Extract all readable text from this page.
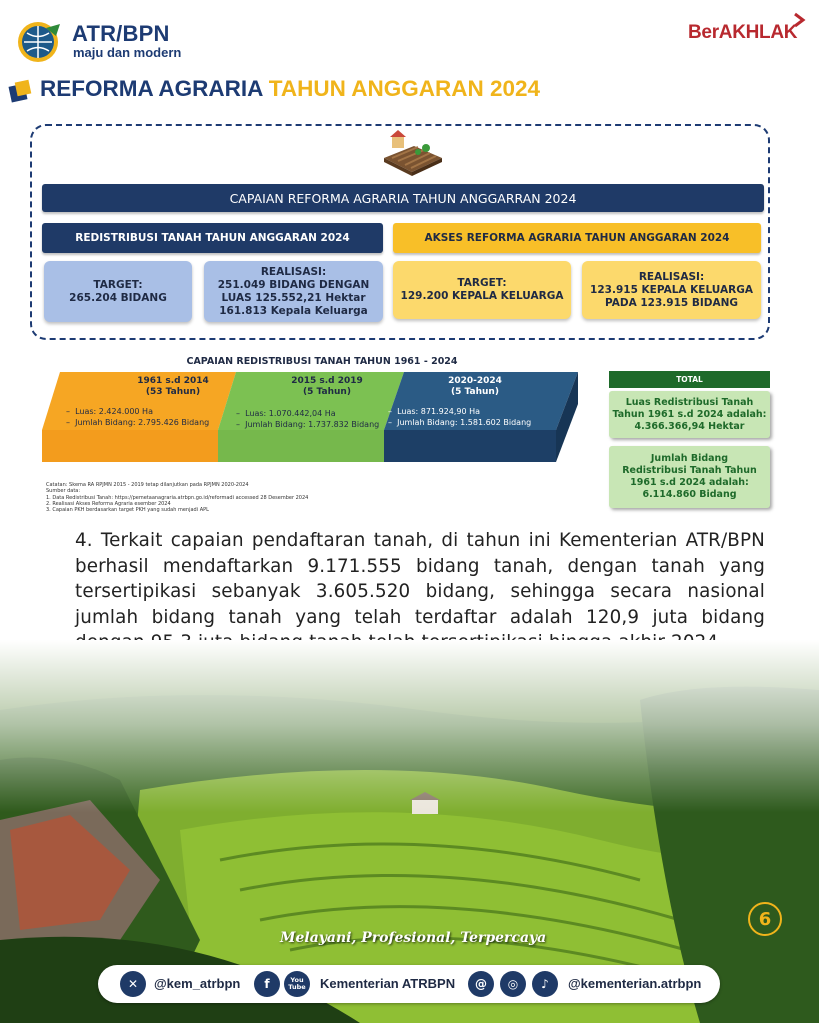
ATR/BPN
maju dan modern
BerAKHLAK
REFORMA AGRARIA TAHUN ANGGARAN 2024
CAPAIAN REFORMA AGRARIA TAHUN ANGGARRAN 2024
REDISTRIBUSI TANAH TAHUN ANGGARAN 2024	AKSES REFORMA AGRARIA TAHUN ANGGARAN 2024
TARGET:
265.204 BIDANG
REALISASI:
251.049 BIDANG DENGAN
LUAS 125.552,21 Hektar
161.813 Kepala Keluarga
TARGET:
129.200 KEPALA KELUARGA
REALISASI:
123.915 KEPALA KELUARGA
PADA 123.915 BIDANG
CAPAIAN REDISTRIBUSI TANAH TAHUN 1961 - 2024
1961 s.d 2014
(53 Tahun)
–  Luas: 2.424.000 Ha
–  Jumlah Bidang: 2.795.426 Bidang
2015 s.d 2019
(5 Tahun)
–  Luas: 1.070.442,04 Ha
–  Jumlah Bidang: 1.737.832 Bidang
2020-2024
(5 Tahun)
–  Luas: 871.924,90 Ha
–  Jumlah Bidang: 1.581.602 Bidang
TOTAL
Luas Redistribusi Tanah
Tahun 1961 s.d 2024 adalah:
4.366.366,94 Hektar
Jumlah Bidang
Redistribusi Tanah Tahun
1961 s.d 2024 adalah:
6.114.860 Bidang
Catatan: Skema RA RPJMN 2015 - 2019 tetap dilanjutkan pada RPJMN 2020-2024
Sumber data:
1. Data Redistribusi Tanah: https://pemetaanagraria.atrbpn.go.id/reformadi accessed 28 Desember 2024
2. Realisasi Akses Reforma Agraria esember 2024
3. Capaian PKH berdasarkan target PKH yang sudah menjadi APL
4. Terkait capaian pendaftaran tanah, di tahun ini Kementerian ATR/BPN berhasil mendaftarkan 9.171.555 bidang tanah, dengan tanah yang tersertipikasi sebanyak 3.605.520 bidang, sehingga secara nasional jumlah bidang tanah yang telah terdaftar adalah 120,9 juta bidang
6
Melayani, Profesional, Terpercaya
✕	@kem_atrbpn	f	You Tube	Kementerian ATRBPN	@	◎	♪	@kementerian.atrbpn
